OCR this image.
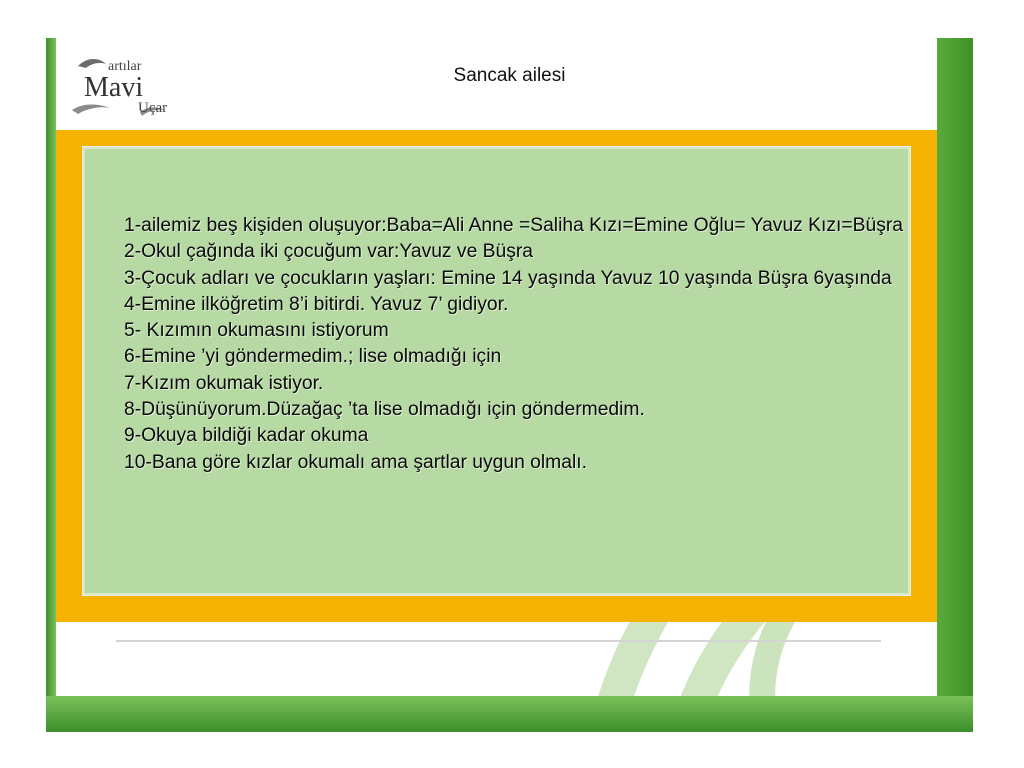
artılar
Mavi
Uçar
Sancak ailesi
1-ailemiz beş kişiden oluşuyor:Baba=Ali Anne =Saliha Kızı=Emine Oğlu= Yavuz Kızı=Büşra
2-Okul çağında iki çocuğum var:Yavuz ve Büşra
3-Çocuk adları ve çocukların yaşları: Emine 14 yaşında Yavuz 10 yaşında Büşra 6yaşında
4-Emine ilköğretim 8’i bitirdi. Yavuz 7’ gidiyor.
5- Kızımın okumasını istiyorum
6-Emine ’yi göndermedim.; lise olmadığı için
7-Kızım okumak istiyor.
8-Düşünüyorum.Düzağaç ’ta lise olmadığı için göndermedim.
9-Okuya bildiği kadar okuma
10-Bana göre kızlar okumalı ama şartlar uygun olmalı.
